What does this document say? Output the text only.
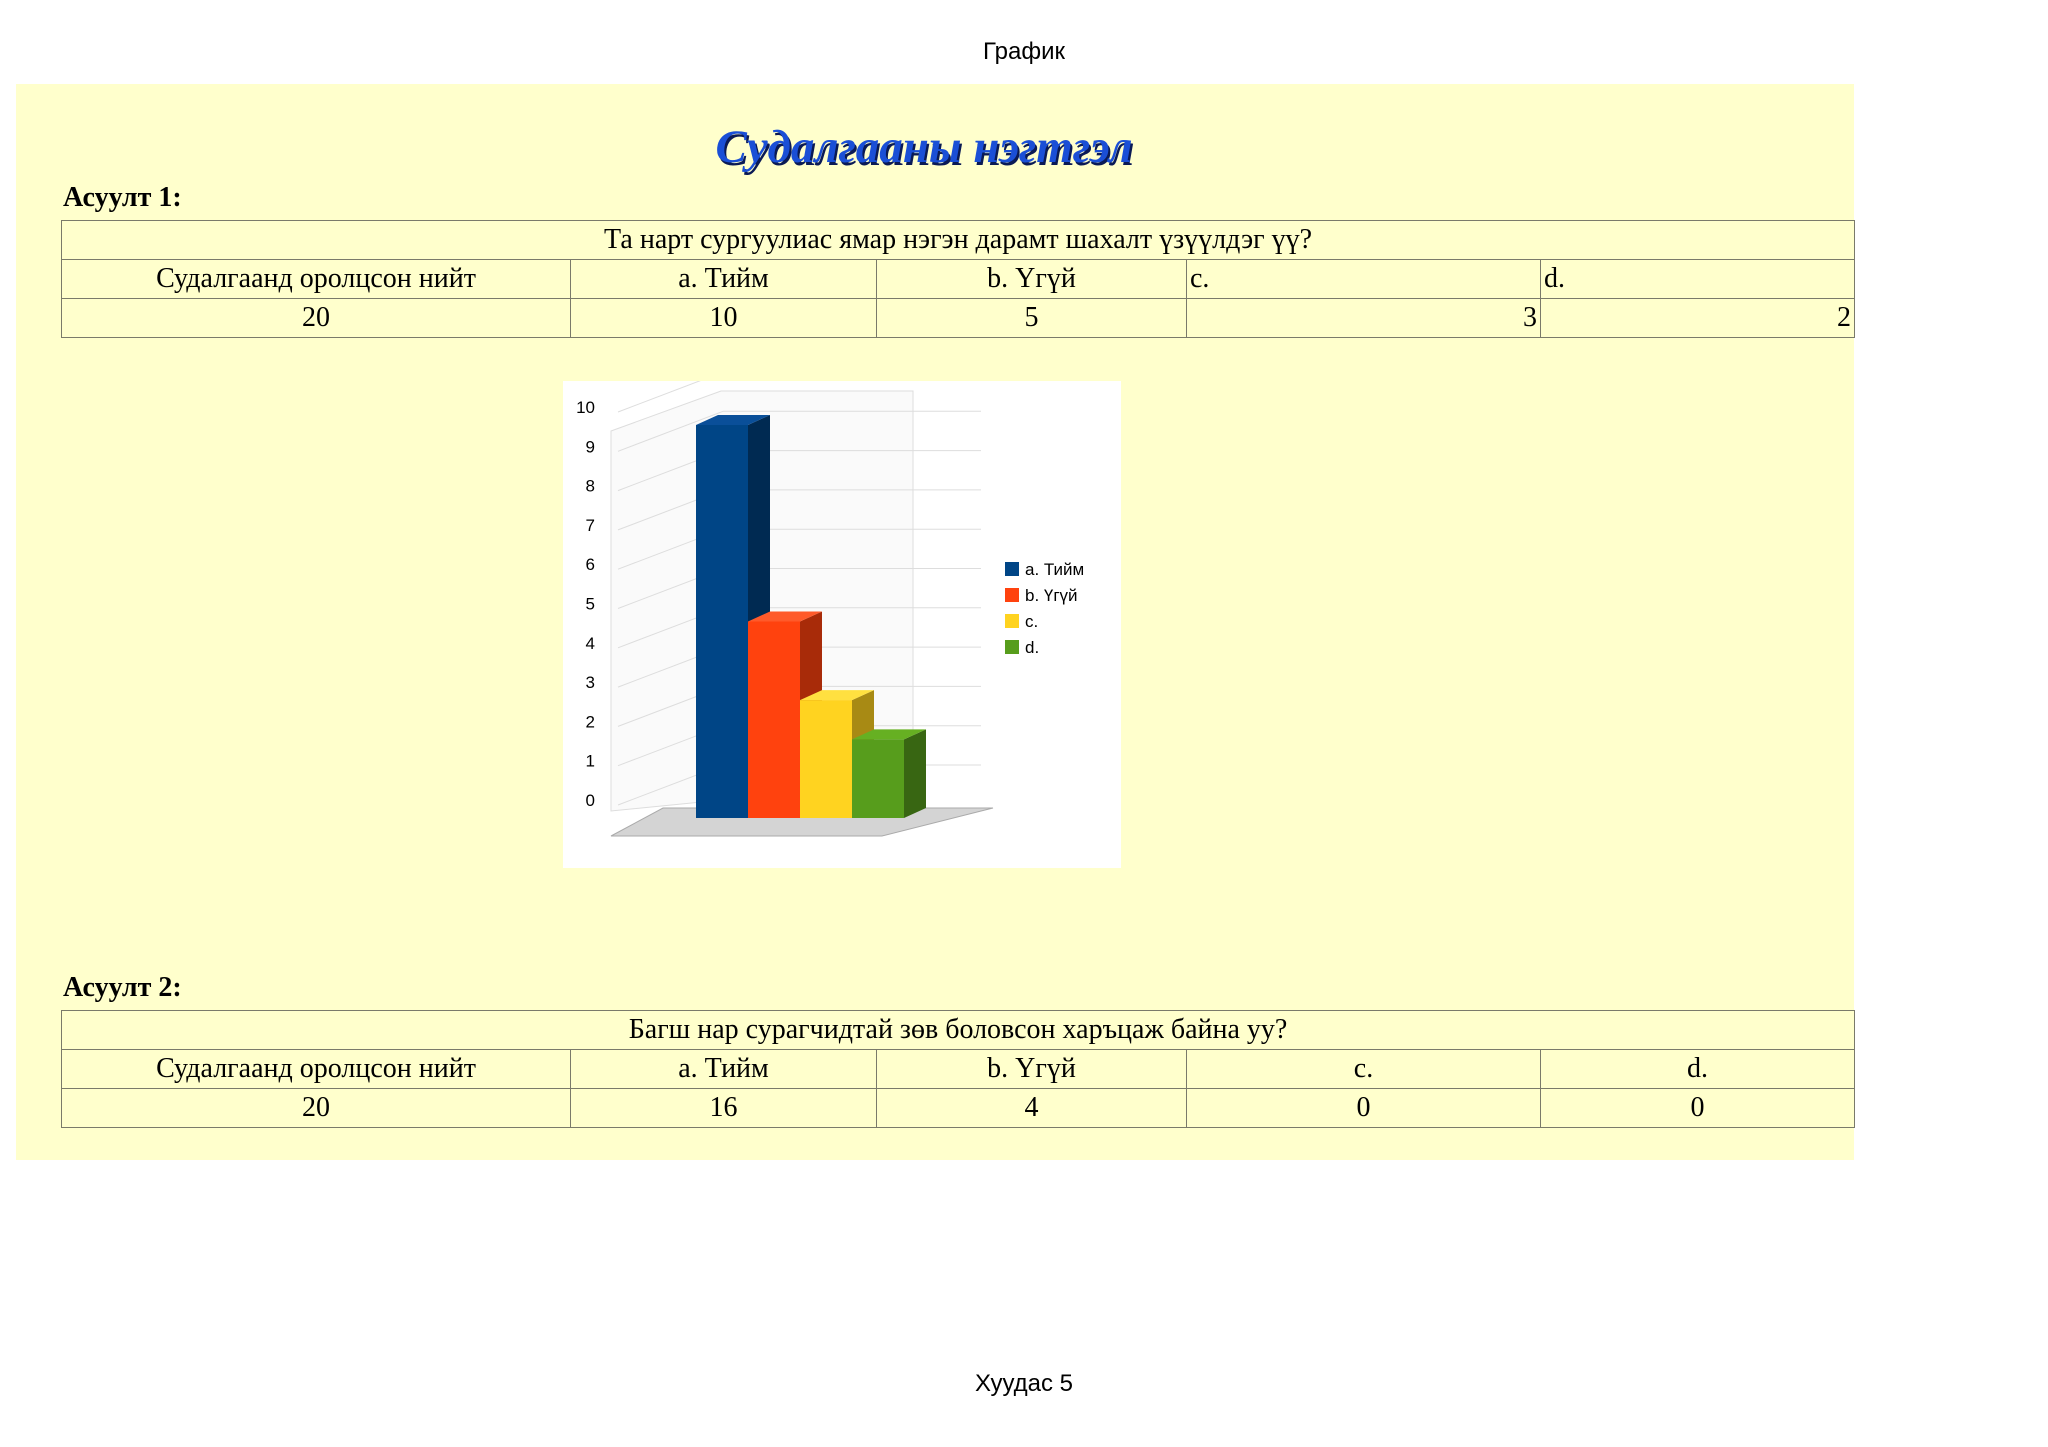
График
Судалгааны нэгтгэл
Асуулт 1:
Та нарт сургуулиас ямар нэгэн дарамт шахалт үзүүлдэг үү?				
Судалгаанд оролцсон нийт	a. Тийм	b. Үгүй	c.	d.
20	10	5	3	2
0
1
2
3
4
5
6
7
8
9
10
a. Тийм
b. Үгүй
c.
d.
Асуулт 2:
Багш нар сурагчидтай зөв боловсон харъцаж байна уу?				
Судалгаанд оролцсон нийт	a. Тийм	b. Үгүй	c.	d.
20	16	4	0	0
Хуудас 5
